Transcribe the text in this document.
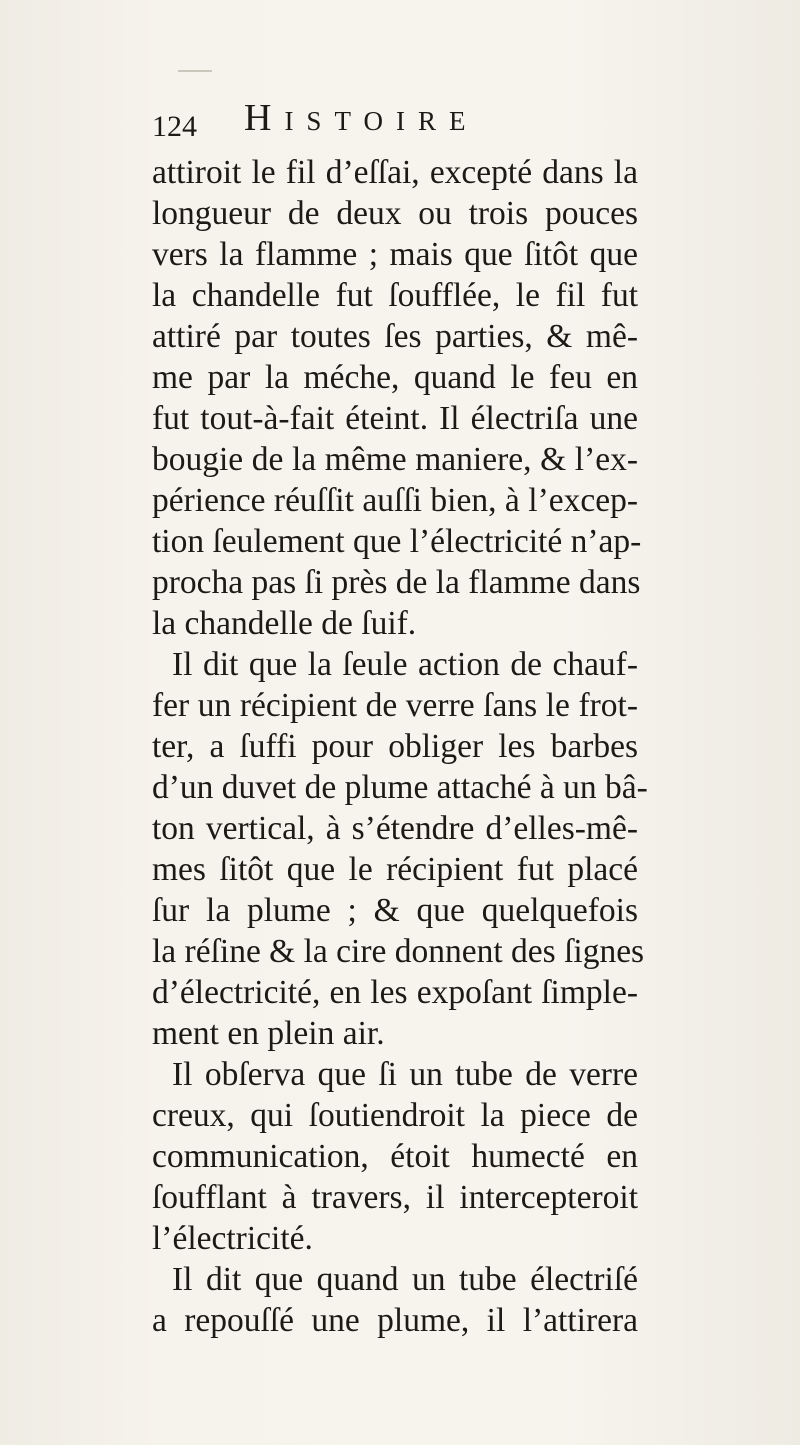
124 Histoire
attiroit le fil d’eſſai, excepté dans la
longueur de deux ou trois pouces
vers la flamme ; mais que ſitôt que
la chandelle fut ſoufflée, le fil fut
attiré par toutes ſes parties, & mê-
me par la méche, quand le feu en
fut tout-à-fait éteint. Il électriſa une
bougie de la même maniere, & l’ex-
périence réuſſit auſſi bien, à l’excep-
tion ſeulement que l’électricité n’ap-
procha pas ſi près de la flamme dans
la chandelle de ſuif.
Il dit que la ſeule action de chauf-
fer un récipient de verre ſans le frot-
ter, a ſuffi pour obliger les barbes
d’un duvet de plume attaché à un bâ-
ton vertical, à s’étendre d’elles-mê-
mes ſitôt que le récipient fut placé
ſur la plume ; & que quelquefois
la réſine & la cire donnent des ſignes
d’électricité, en les expoſant ſimple-
ment en plein air.
Il obſerva que ſi un tube de verre
creux, qui ſoutiendroit la piece de
communication, étoit humecté en
ſoufflant à travers, il intercepteroit
l’électricité.
Il dit que quand un tube électriſé
a repouſſé une plume, il l’attirera
